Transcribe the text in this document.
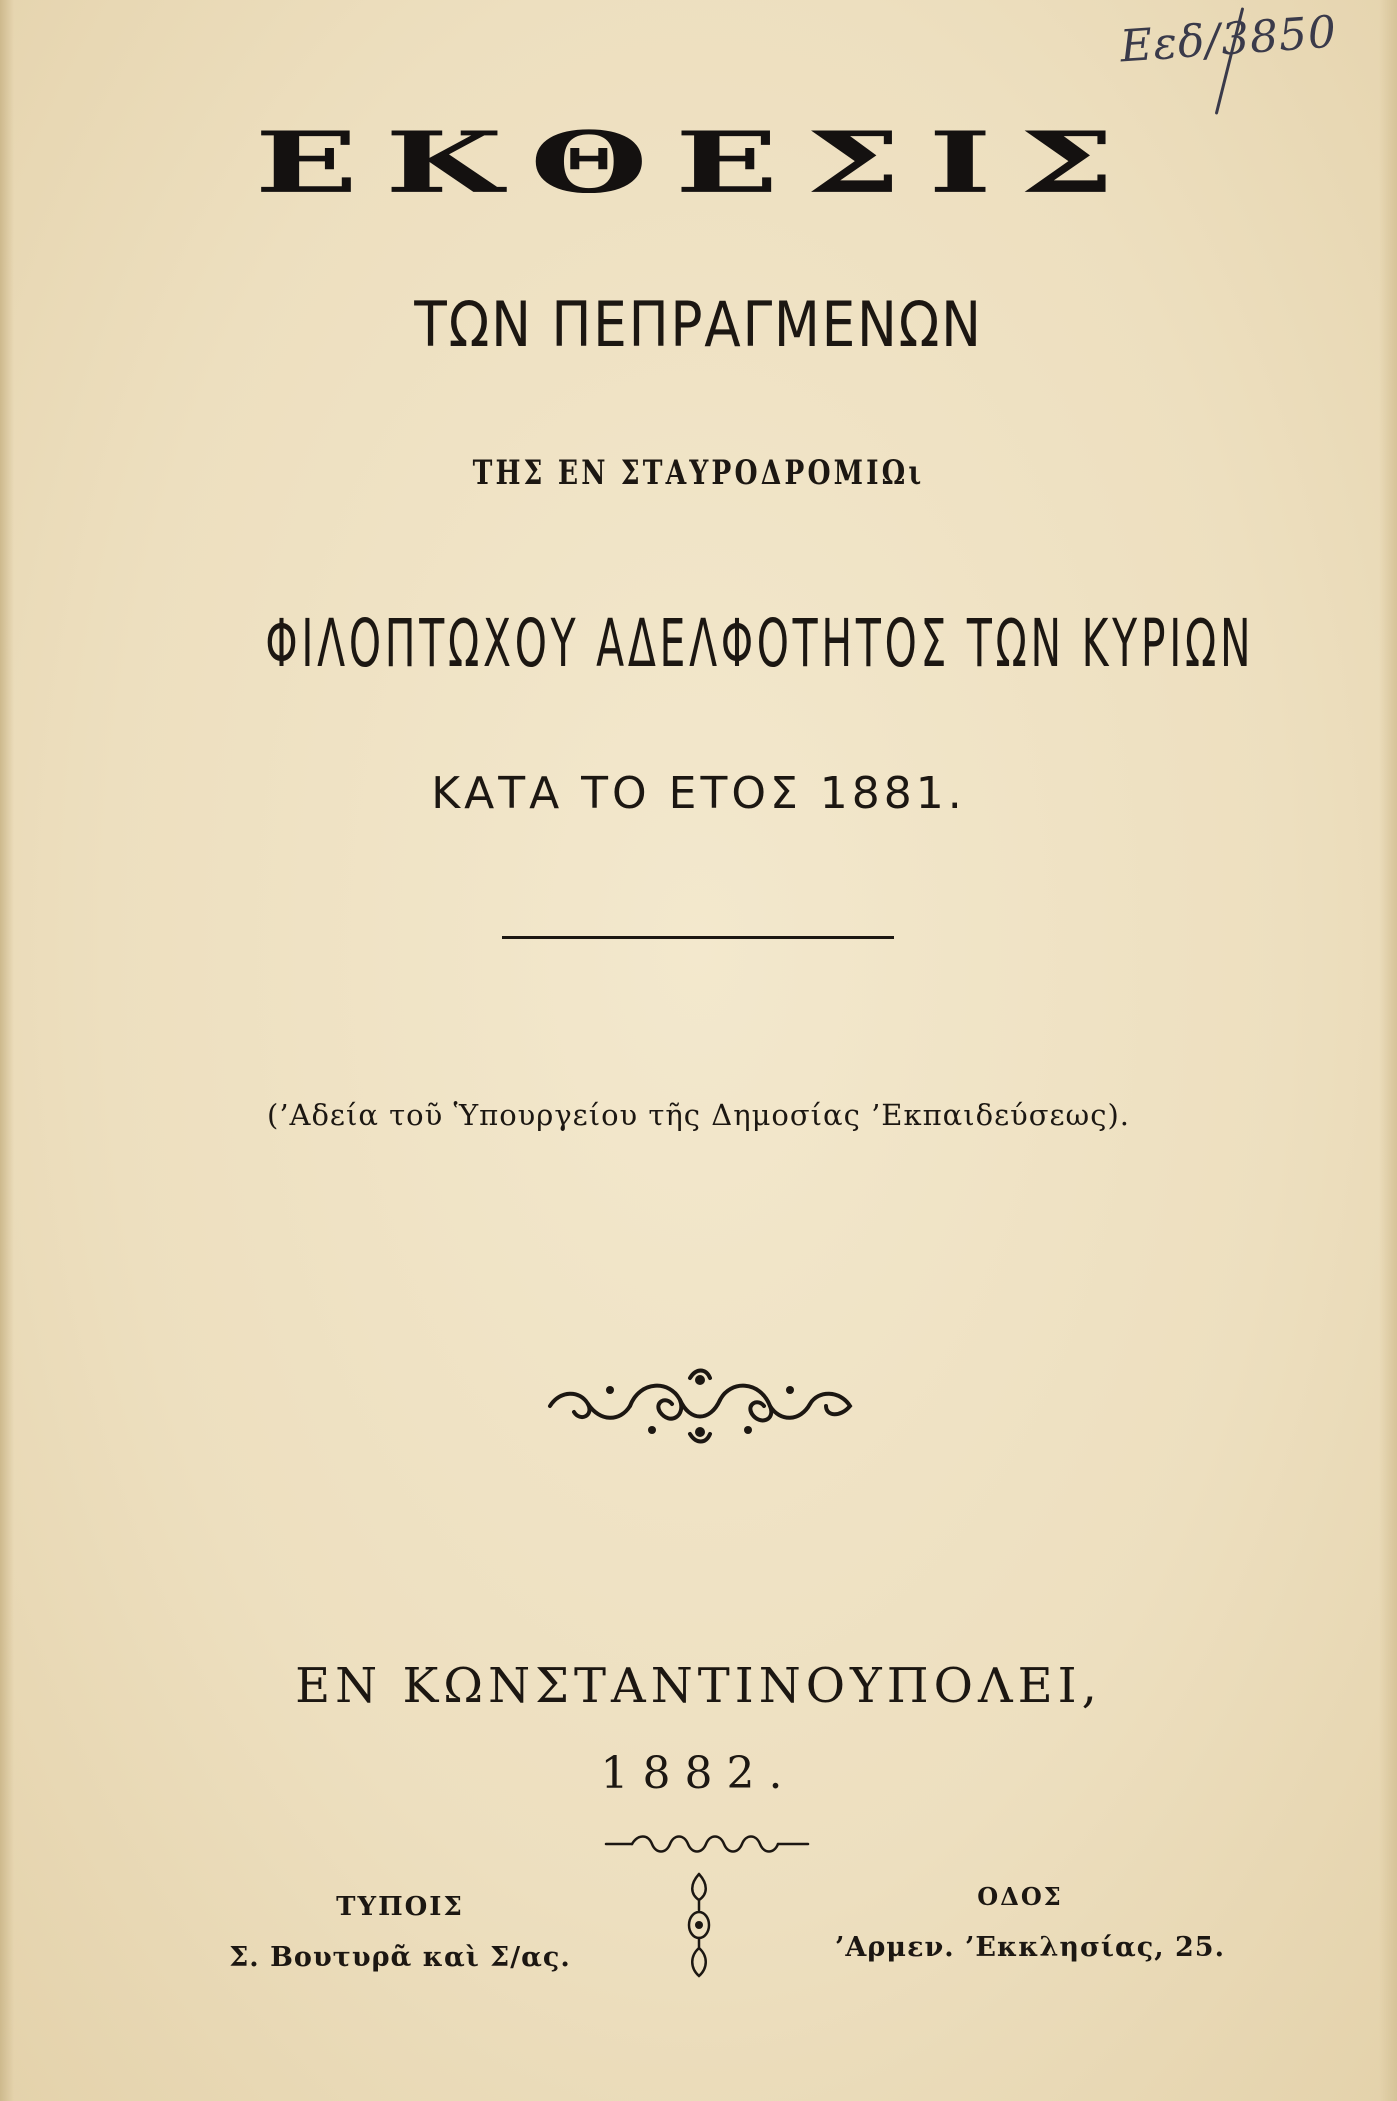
Εεδ/3850
ΕΚΘΕΣΙΣ
ΤΩΝ ΠΕΠΡΑΓΜΕΝΩΝ
ΤΗΣ ΕΝ ΣΤΑΥΡΟΔΡΟΜΙΩι
ΦΙΛΟΠΤΩΧΟΥ ΑΔΕΛΦΟΤΗΤΟΣ ΤΩΝ ΚΥΡΙΩΝ
ΚΑΤΑ ΤΟ ΕΤΟΣ 1881.
(’Αδεία τοῦ Ὑπουργείου τῆς Δημοσίας ’Εκπαιδεύσεως).
ΕΝ ΚΩΝΣΤΑΝΤΙΝΟΥΠΟΛΕΙ,
1882.
ΤΥΠΟΙΣ
Σ. Βουτυρᾶ καὶ Σ/ας.
ΟΔΟΣ
’Αρμεν. ’Εκκλησίας, 25.
